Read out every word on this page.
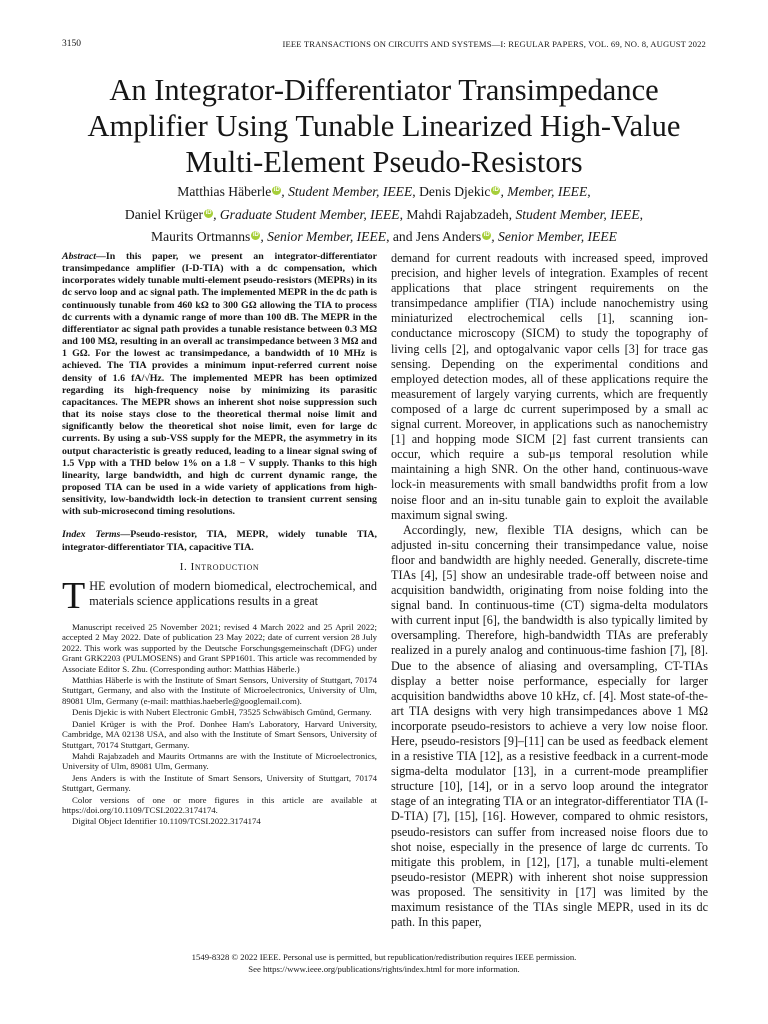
3150	IEEE TRANSACTIONS ON CIRCUITS AND SYSTEMS—I: REGULAR PAPERS, VOL. 69, NO. 8, AUGUST 2022
An Integrator-Differentiator Transimpedance
Amplifier Using Tunable Linearized High-Value
Multi-Element Pseudo-Resistors
Matthias Häberle iD , Student Member, IEEE, Denis Djekic iD , Member, IEEE,
Daniel Krüger iD , Graduate Student Member, IEEE, Mahdi Rajabzadeh, Student Member, IEEE,
Maurits Ortmanns iD , Senior Member, IEEE, and Jens Anders iD , Senior Member, IEEE
Abstract—In this paper, we present an integrator-differentiator transimpedance amplifier (I-D-TIA) with a dc compensation, which incorporates widely tunable multi-element pseudo-resistors (MEPRs) in its dc servo loop and ac signal path. The implemented MEPR in the dc path is continuously tunable from 460 kΩ to 300 GΩ allowing the TIA to process dc currents with a dynamic range of more than 100 dB. The MEPR in the differentiator ac signal path provides a tunable resistance between 0.3 MΩ and 100 MΩ, resulting in an overall ac transimpedance between 3 MΩ and 1 GΩ. For the lowest ac transimpedance, a bandwidth of 10 MHz is achieved. The TIA provides a minimum input-referred current noise density of 1.6 fA/√Hz. The implemented MEPR has been optimized regarding its high-frequency noise by minimizing its parasitic capacitances. The MEPR shows an inherent shot noise suppression such that its noise stays close to the theoretical thermal noise limit and significantly below the theoretical shot noise limit, even for large dc currents. By using a sub-VSS supply for the MEPR, the asymmetry in its output characteristic is greatly reduced, leading to a linear signal swing of 1.5 Vpp with a THD below 1% on a 1.8 − V supply. Thanks to this high linearity, large bandwidth, and high dc current dynamic range, the proposed TIA can be used in a wide variety of applications from high-sensitivity, low-bandwidth lock-in detection to transient current sensing with sub-microsecond timing resolutions.
Index Terms—Pseudo-resistor, TIA, MEPR, widely tunable TIA, integrator-differentiator TIA, capacitive TIA.
I. Introduction
THE evolution of modern biomedical, electrochemical, and materials science applications results in a great

Manuscript received 25 November 2021; revised 4 March 2022 and 25 April 2022; accepted 2 May 2022. Date of publication 23 May 2022; date of current version 28 July 2022. This work was supported by the Deutsche Forschungsgemeinschaft (DFG) under Grant GRK2203 (PULMOSENS) and Grant SPP1601. This article was recommended by Associate Editor S. Zhu. (Corresponding author: Matthias Häberle.)

Matthias Häberle is with the Institute of Smart Sensors, University of Stuttgart, 70174 Stuttgart, Germany, and also with the Institute of Microelectronics, University of Ulm, 89081 Ulm, Germany (e-mail: matthias.haeberle@googlemail.com).

Denis Djekic is with Nubert Electronic GmbH, 73525 Schwäbisch Gmünd, Germany.

Daniel Krüger is with the Prof. Donhee Ham's Laboratory, Harvard University, Cambridge, MA 02138 USA, and also with the Institute of Smart Sensors, University of Stuttgart, 70174 Stuttgart, Germany.

Mahdi Rajabzadeh and Maurits Ortmanns are with the Institute of Microelectronics, University of Ulm, 89081 Ulm, Germany.

Jens Anders is with the Institute of Smart Sensors, University of Stuttgart, 70174 Stuttgart, Germany.

Color versions of one or more figures in this article are available at https://doi.org/10.1109/TCSI.2022.3174174.

Digital Object Identifier 10.1109/TCSI.2022.3174174

demand for current readouts with increased speed, improved precision, and higher levels of integration. Examples of recent applications that place stringent requirements on the transimpedance amplifier (TIA) include nanochemistry using miniaturized electrochemical cells [1], scanning ion-conductance microscopy (SICM) to study the topography of living cells [2], and optogalvanic vapor cells [3] for trace gas sensing. Depending on the experimental conditions and employed detection modes, all of these applications require the measurement of largely varying currents, which are frequently composed of a large dc current superimposed by a small ac signal current. Moreover, in applications such as nanochemistry [1] and hopping mode SICM [2] fast current transients can occur, which require a sub-μs temporal resolution while maintaining a high SNR. On the other hand, continuous-wave lock-in measurements with small bandwidths profit from a low noise floor and an in-situ tunable gain to exploit the available maximum signal swing.

Accordingly, new, flexible TIA designs, which can be adjusted in-situ concerning their transimpedance value, noise floor and bandwidth are highly needed. Generally, discrete-time TIAs [4], [5] show an undesirable trade-off between noise and acquisition bandwidth, originating from noise folding into the signal band. In continuous-time (CT) sigma-delta modulators with current input [6], the bandwidth is also typically limited by oversampling. Therefore, high-bandwidth TIAs are preferably realized in a purely analog and continuous-time fashion [7], [8]. Due to the absence of aliasing and oversampling, CT-TIAs display a better noise performance, especially for larger acquisition bandwidths above 10 kHz, cf. [4]. Most state-of-the-art TIA designs with very high transimpedances above 1 MΩ incorporate pseudo-resistors to achieve a very low noise floor. Here, pseudo-resistors [9]–[11] can be used as feedback element in a resistive TIA [12], as a resistive feedback in a current-mode sigma-delta modulator [13], in a current-mode preamplifier structure [10], [14], or in a servo loop around the integrator stage of an integrating TIA or an integrator-differentiator TIA (I-D-TIA) [7], [15], [16]. However, compared to ohmic resistors, pseudo-resistors can suffer from increased noise floors due to shot noise, especially in the presence of large dc currents. To mitigate this problem, in [12], [17], a tunable multi-element pseudo-resistor (MEPR) with inherent shot noise suppression was proposed. The sensitivity in [17] was limited by the maximum resistance of the TIAs single MEPR, used in its dc path. In this paper,

1549-8328 © 2022 IEEE. Personal use is permitted, but republication/redistribution requires IEEE permission.
See https://www.ieee.org/publications/rights/index.html for more information.
